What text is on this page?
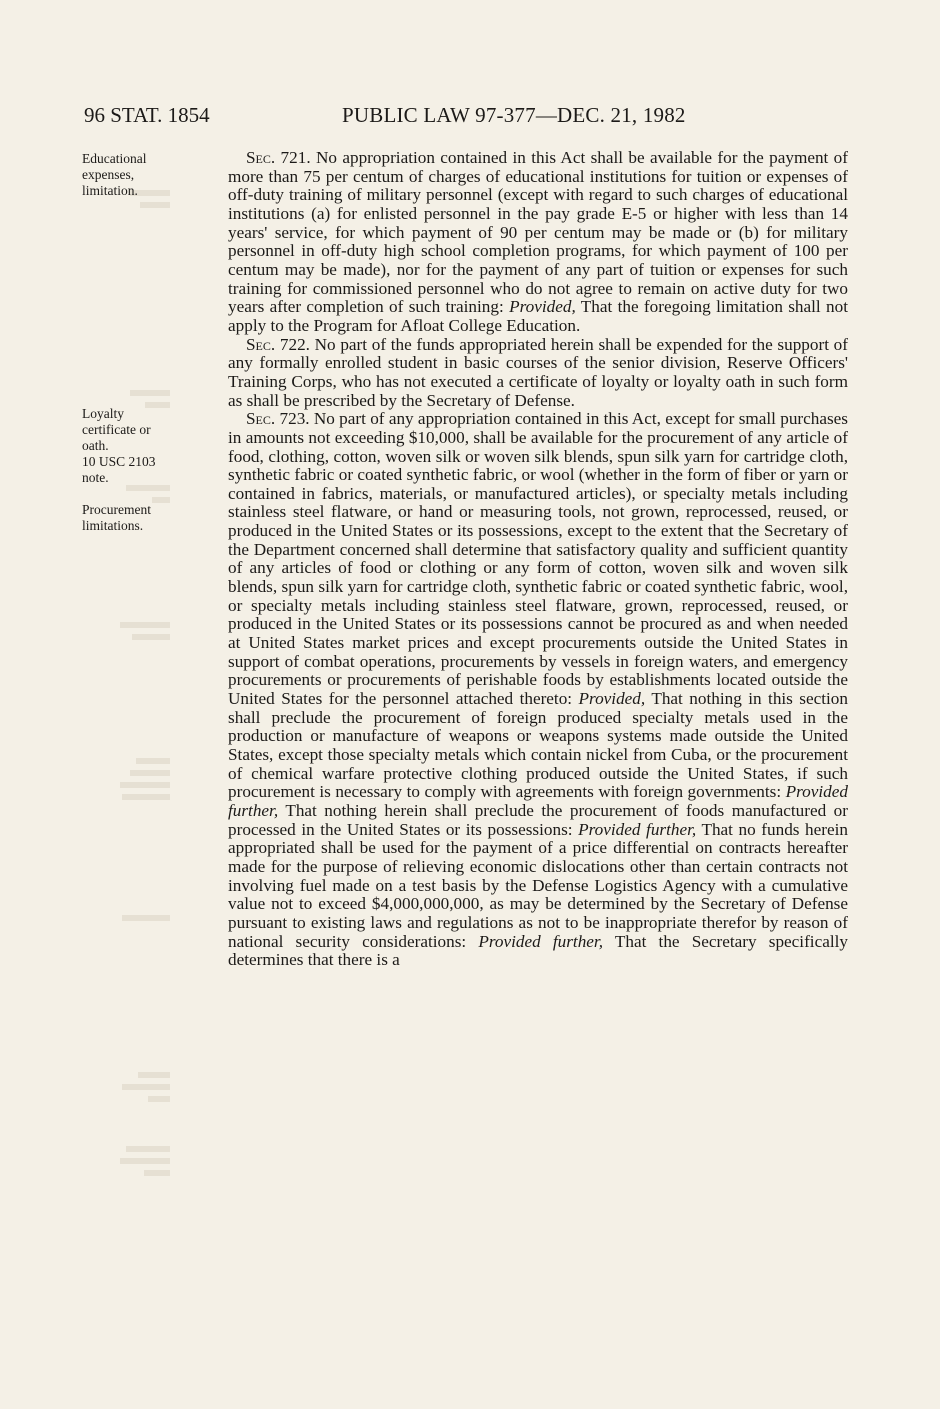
96 STAT. 1854	PUBLIC LAW 97-377—DEC. 21, 1982
Educational
expenses,
limitation.
Loyalty
certificate or
oath.
10 USC 2103
note.
Procurement
limitations.

Sec. 721. No appropriation contained in this Act shall be available for the payment of more than 75 per centum of charges of educational institutions for tuition or expenses of off-duty training of military personnel (except with regard to such charges of educational institutions (a) for enlisted personnel in the pay grade E-5 or higher with less than 14 years' service, for which payment of 90 per centum may be made or (b) for military personnel in off-duty high school completion programs, for which payment of 100 per centum may be made), nor for the payment of any part of tuition or expenses for such training for commissioned personnel who do not agree to remain on active duty for two years after completion of such training: Provided, That the foregoing limitation shall not apply to the Program for Afloat College Education.

Sec. 722. No part of the funds appropriated herein shall be expended for the support of any formally enrolled student in basic courses of the senior division, Reserve Officers' Training Corps, who has not executed a certificate of loyalty or loyalty oath in such form as shall be prescribed by the Secretary of Defense.

Sec. 723. No part of any appropriation contained in this Act, except for small purchases in amounts not exceeding $10,000, shall be available for the procurement of any article of food, clothing, cotton, woven silk or woven silk blends, spun silk yarn for cartridge cloth, synthetic fabric or coated synthetic fabric, or wool (whether in the form of fiber or yarn or contained in fabrics, materials, or manufactured articles), or specialty metals including stainless steel flatware, or hand or measuring tools, not grown, reprocessed, reused, or produced in the United States or its possessions, except to the extent that the Secretary of the Department concerned shall determine that satisfactory quality and sufficient quantity of any articles of food or clothing or any form of cotton, woven silk and woven silk blends, spun silk yarn for cartridge cloth, synthetic fabric or coated synthetic fabric, wool, or specialty metals including stainless steel flatware, grown, reprocessed, reused, or produced in the United States or its possessions cannot be procured as and when needed at United States market prices and except procurements outside the United States in support of combat operations, procurements by vessels in foreign waters, and emergency procurements or procurements of perishable foods by establishments located outside the United States for the personnel attached thereto: Provided, That nothing in this section shall preclude the procurement of foreign produced specialty metals used in the production or manufacture of weapons or weapons systems made outside the United States, except those specialty metals which contain nickel from Cuba, or the procurement of chemical warfare protective clothing produced outside the United States, if such procurement is necessary to comply with agreements with foreign governments: Provided further, That nothing herein shall preclude the procurement of foods manufactured or processed in the United States or its possessions: Provided further, That no funds herein appropriated shall be used for the payment of a price differential on contracts hereafter made for the purpose of relieving economic dislocations other than certain contracts not involving fuel made on a test basis by the Defense Logistics Agency with a cumulative value not to exceed $4,000,000,000, as may be determined by the Secretary of Defense pursuant to existing laws and regulations as not to be inappropriate therefor by reason of national security considerations: Provided further, That the Secretary specifically determines that there is a
